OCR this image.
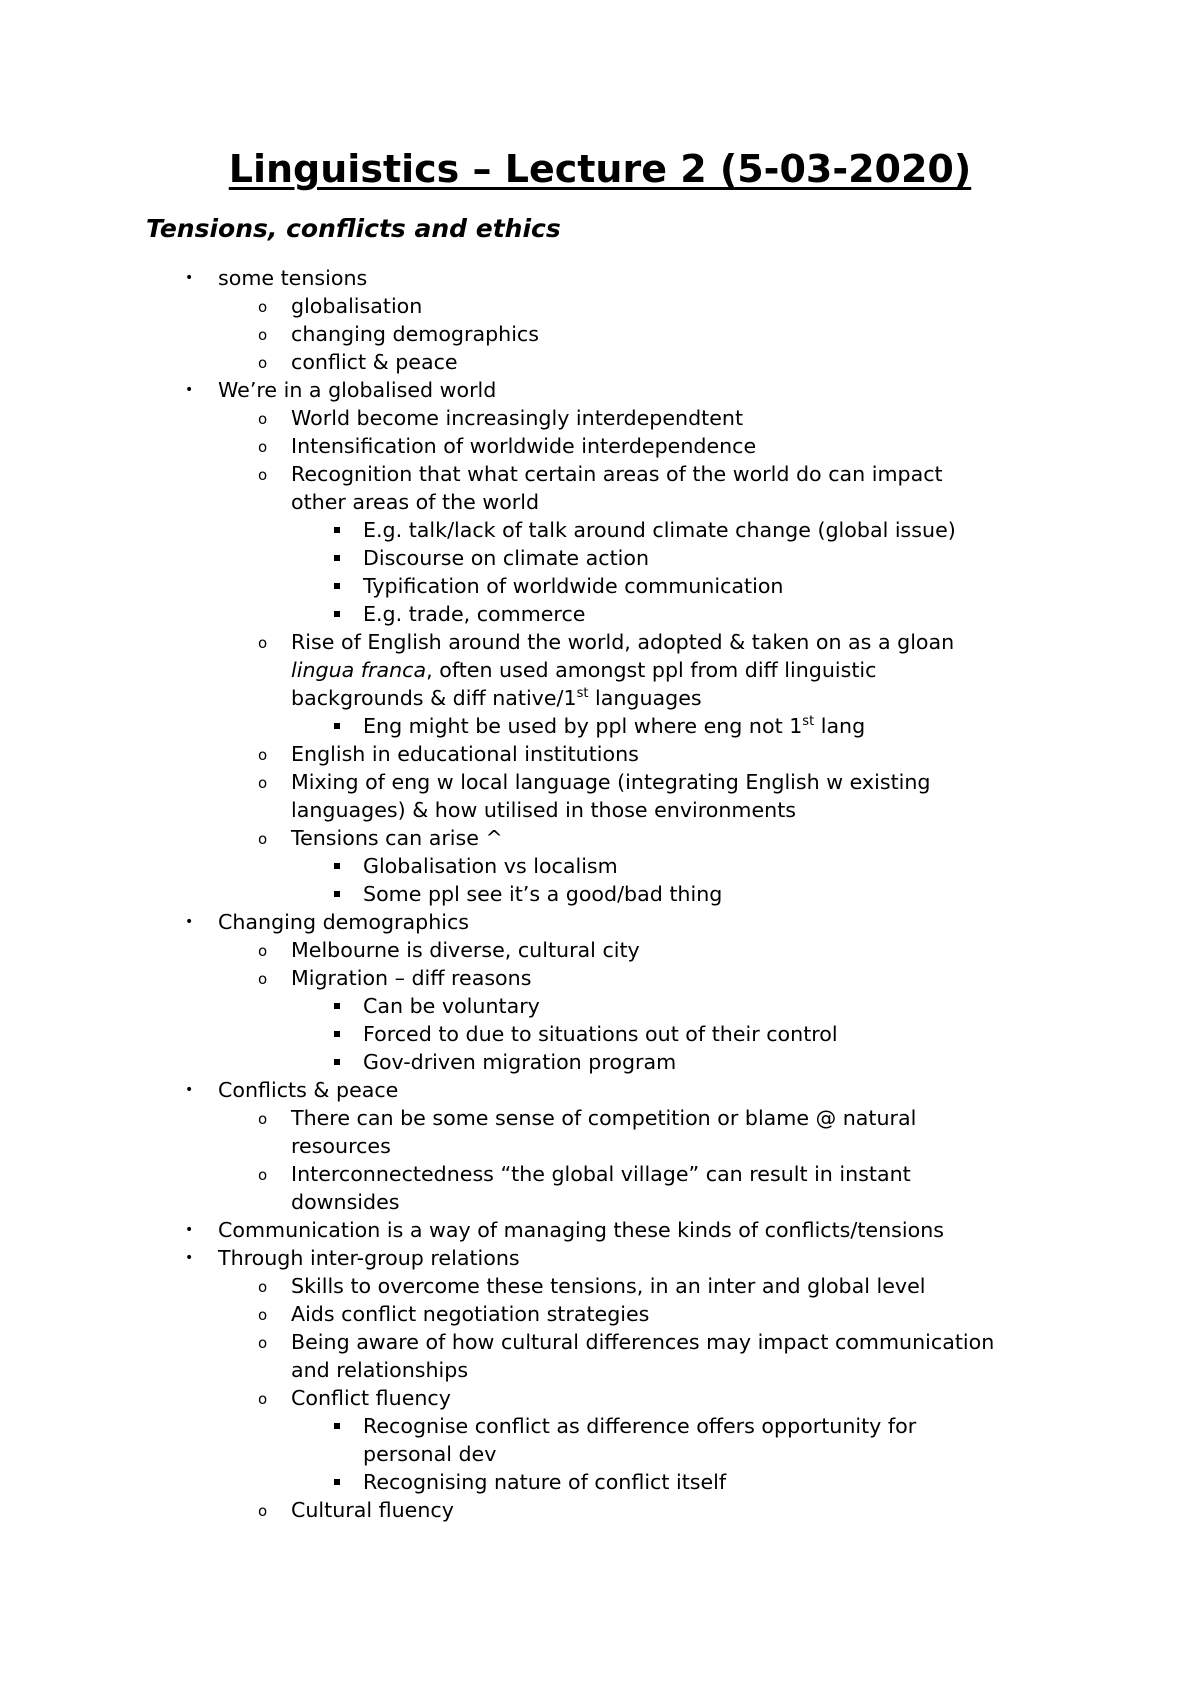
Linguistics – Lecture 2 (5-03-2020)
Tensions, conflicts and ethics
• some tensions
o globalisation
o changing demographics
o conflict & peace
• We’re in a globalised world
o World become increasingly interdependtent
o Intensification of worldwide interdependence
o Recognition that what certain areas of the world do can impact
other areas of the world
E.g. talk/lack of talk around climate change (global issue)
Discourse on climate action
Typification of worldwide communication
E.g. trade, commerce
o Rise of English around the world, adopted & taken on as a gloan
lingua franca, often used amongst ppl from diff linguistic
backgrounds & diff native/1st languages
Eng might be used by ppl where eng not 1st lang
o English in educational institutions
o Mixing of eng w local language (integrating English w existing
languages) & how utilised in those environments
o Tensions can arise ^
Globalisation vs localism
Some ppl see it’s a good/bad thing
• Changing demographics
o Melbourne is diverse, cultural city
o Migration – diff reasons
Can be voluntary
Forced to due to situations out of their control
Gov-driven migration program
• Conflicts & peace
o There can be some sense of competition or blame @ natural
resources
o Interconnectedness “the global village” can result in instant
downsides
• Communication is a way of managing these kinds of conflicts/tensions
• Through inter-group relations
o Skills to overcome these tensions, in an inter and global level
o Aids conflict negotiation strategies
o Being aware of how cultural differences may impact communication
and relationships
o Conflict fluency
Recognise conflict as difference offers opportunity for
personal dev
Recognising nature of conflict itself
o Cultural fluency
